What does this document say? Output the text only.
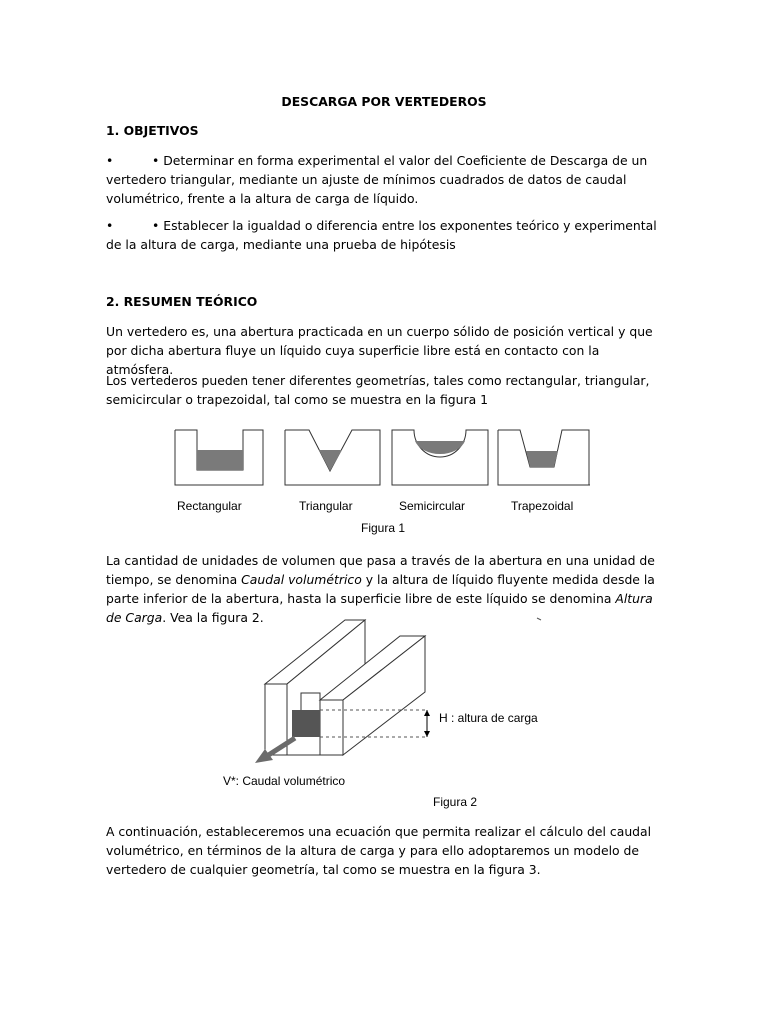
DESCARGA POR VERTEDEROS

1. OBJETIVOS

•	• Determinar en forma experimental el valor del Coeficiente de Descarga de un vertedero triangular, mediante un ajuste de mínimos cuadrados de datos de caudal volumétrico, frente a la altura de carga de líquido.

•	• Establecer la igualdad o diferencia entre los exponentes teórico y experimental de la altura de carga, mediante una prueba de hipótesis

2. RESUMEN TEÓRICO

Un vertedero es, una abertura practicada en un cuerpo sólido de posición vertical y que por dicha abertura fluye un líquido cuya superficie libre está en contacto con la atmósfera.

Los vertederos pueden tener diferentes geometrías, tales como rectangular, triangular, semicircular o trapezoidal, tal como se muestra en la figura 1

Rectangular	Triangular	Semicircular	Trapezoidal
Figura 1

La cantidad de unidades de volumen que pasa a través de la abertura en una unidad de tiempo, se denomina Caudal volumétrico y la altura de líquido fluyente medida desde la parte inferior de la abertura, hasta la superficie libre de este líquido se denomina Altura de Carga. Vea la figura 2.

H : altura de carga
V*: Caudal volumétrico
Figura 2

A continuación, estableceremos una ecuación que permita realizar el cálculo del caudal volumétrico, en términos de la altura de carga y para ello adoptaremos un modelo de vertedero de cualquier geometría, tal como se muestra en la figura 3.
